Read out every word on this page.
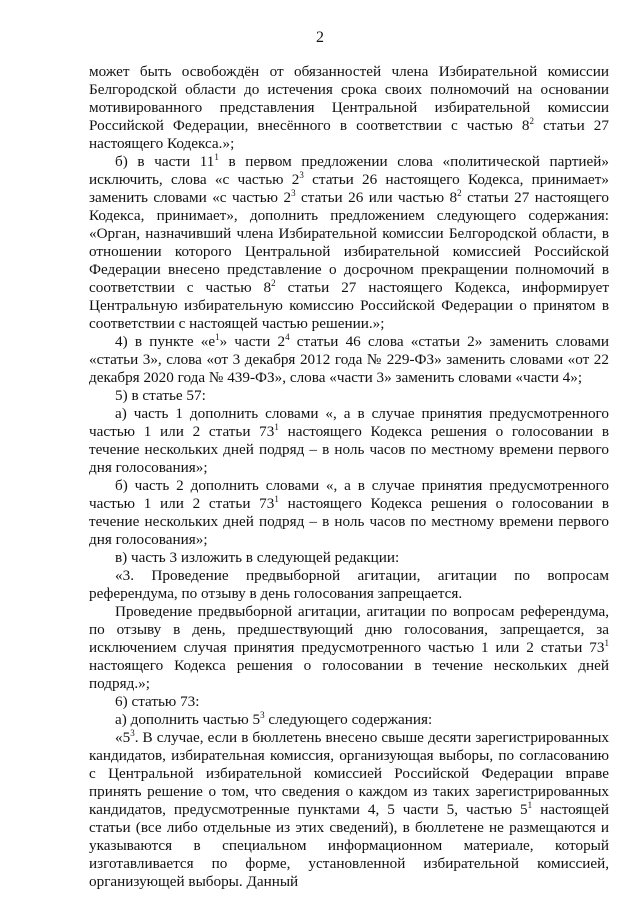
2

может быть освобождён от обязанностей члена Избирательной комиссии Белгородской области до истечения срока своих полномочий на основании мотивированного представления Центральной избирательной комиссии Российской Федерации, внесённого в соответствии с частью $8^2$ статьи 27 настоящего Кодекса.»;

б) в части $11^1$ в первом предложении слова «политической партией» исключить, слова «с частью $2^3$ статьи 26 настоящего Кодекса, принимает» заменить словами «с частью $2^3$ статьи 26 или частью $8^2$ статьи 27 настоящего Кодекса, принимает», дополнить предложением следующего содержания: «Орган, назначивший члена Избирательной комиссии Белгородской области, в отношении которого Центральной избирательной комиссией Российской Федерации внесено представление о досрочном прекращении полномочий в соответствии с частью $8^2$ статьи 27 настоящего Кодекса, информирует Центральную избирательную комиссию Российской Федерации о принятом в соответствии с настоящей частью решении.»;

4) в пункте «$е^1$» части $2^4$ статьи 46 слова «статьи 2» заменить словами «статьи 3», слова «от 3 декабря 2012 года № 229-ФЗ» заменить словами «от 22 декабря 2020 года № 439-ФЗ», слова «части 3» заменить словами «части 4»;

5) в статье 57:

а) часть 1 дополнить словами «, а в случае принятия предусмотренного частью 1 или 2 статьи $73^1$ настоящего Кодекса решения о голосовании в течение нескольких дней подряд – в ноль часов по местному времени первого дня голосования»;

б) часть 2 дополнить словами «, а в случае принятия предусмотренного частью 1 или 2 статьи $73^1$ настоящего Кодекса решения о голосовании в течение нескольких дней подряд – в ноль часов по местному времени первого дня голосования»;

в) часть 3 изложить в следующей редакции:

«3. Проведение предвыборной агитации, агитации по вопросам референдума, по отзыву в день голосования запрещается.

Проведение предвыборной агитации, агитации по вопросам референдума, по отзыву в день, предшествующий дню голосования, запрещается, за исключением случая принятия предусмотренного частью 1 или 2 статьи $73^1$ настоящего Кодекса решения о голосовании в течение нескольких дней подряд.»;

6) статью 73:

а) дополнить частью $5^3$ следующего содержания:

«$5^3$. В случае, если в бюллетень внесено свыше десяти зарегистрированных кандидатов, избирательная комиссия, организующая выборы, по согласованию с Центральной избирательной комиссией Российской Федерации вправе принять решение о том, что сведения о каждом из таких зарегистрированных кандидатов, предусмотренные пунктами 4, 5 части 5, частью $5^1$ настоящей статьи (все либо отдельные из этих сведений), в бюллетене не размещаются и указываются в специальном информационном материале, который изготавливается по форме, установленной избирательной комиссией, организующей выборы. Данный
